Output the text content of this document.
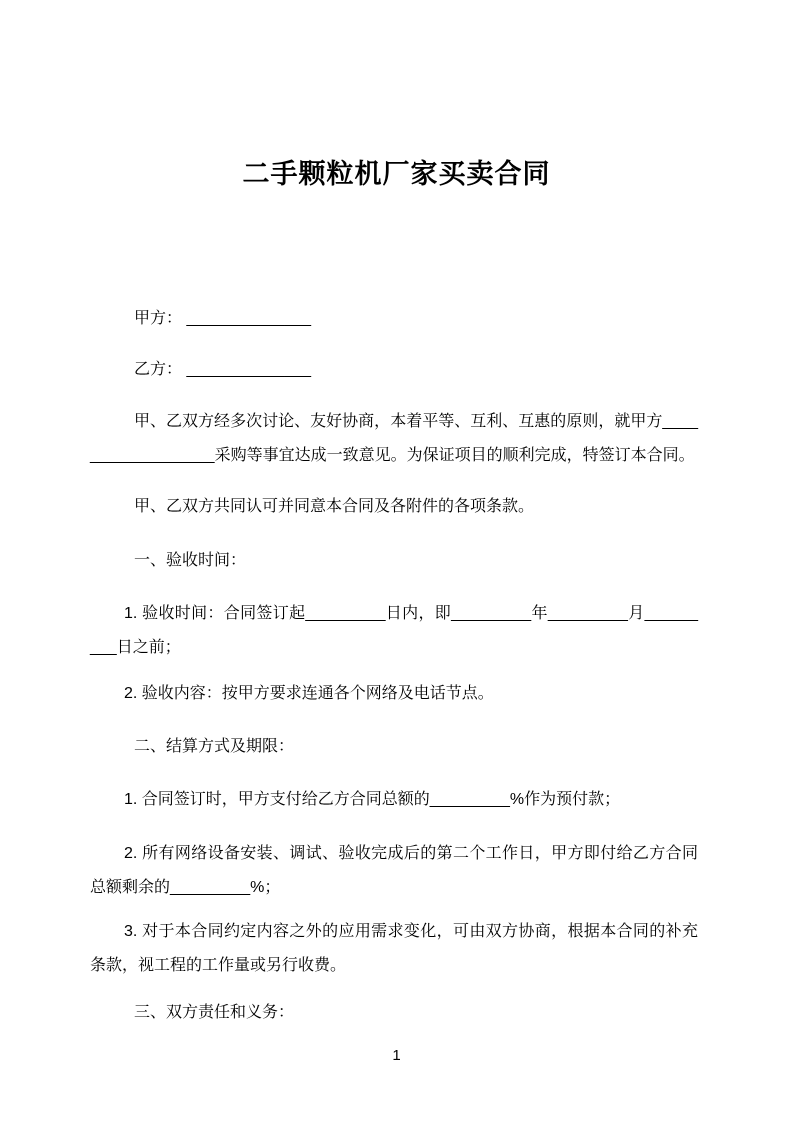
二手颗粒机厂家买卖合同

甲方： ______________

乙方： ______________

甲、乙双方经多次讨论、友好协商，本着平等、互利、互惠的原则，就甲方__________________采购等事宜达成一致意见。为保证项目的顺利完成，特签订本合同。

甲、乙双方共同认可并同意本合同及各附件的各项条款。

一、验收时间：

1. 验收时间：合同签订起_________日内，即_________年_________月_________日之前；

2. 验收内容：按甲方要求连通各个网络及电话节点。

二、结算方式及期限：

1. 合同签订时，甲方支付给乙方合同总额的_________%作为预付款；

2. 所有网络设备安装、调试、验收完成后的第二个工作日，甲方即付给乙方合同总额剩余的_________%；

3. 对于本合同约定内容之外的应用需求变化，可由双方协商，根据本合同的补充条款，视工程的工作量或另行收费。

三、双方责任和义务：

1
